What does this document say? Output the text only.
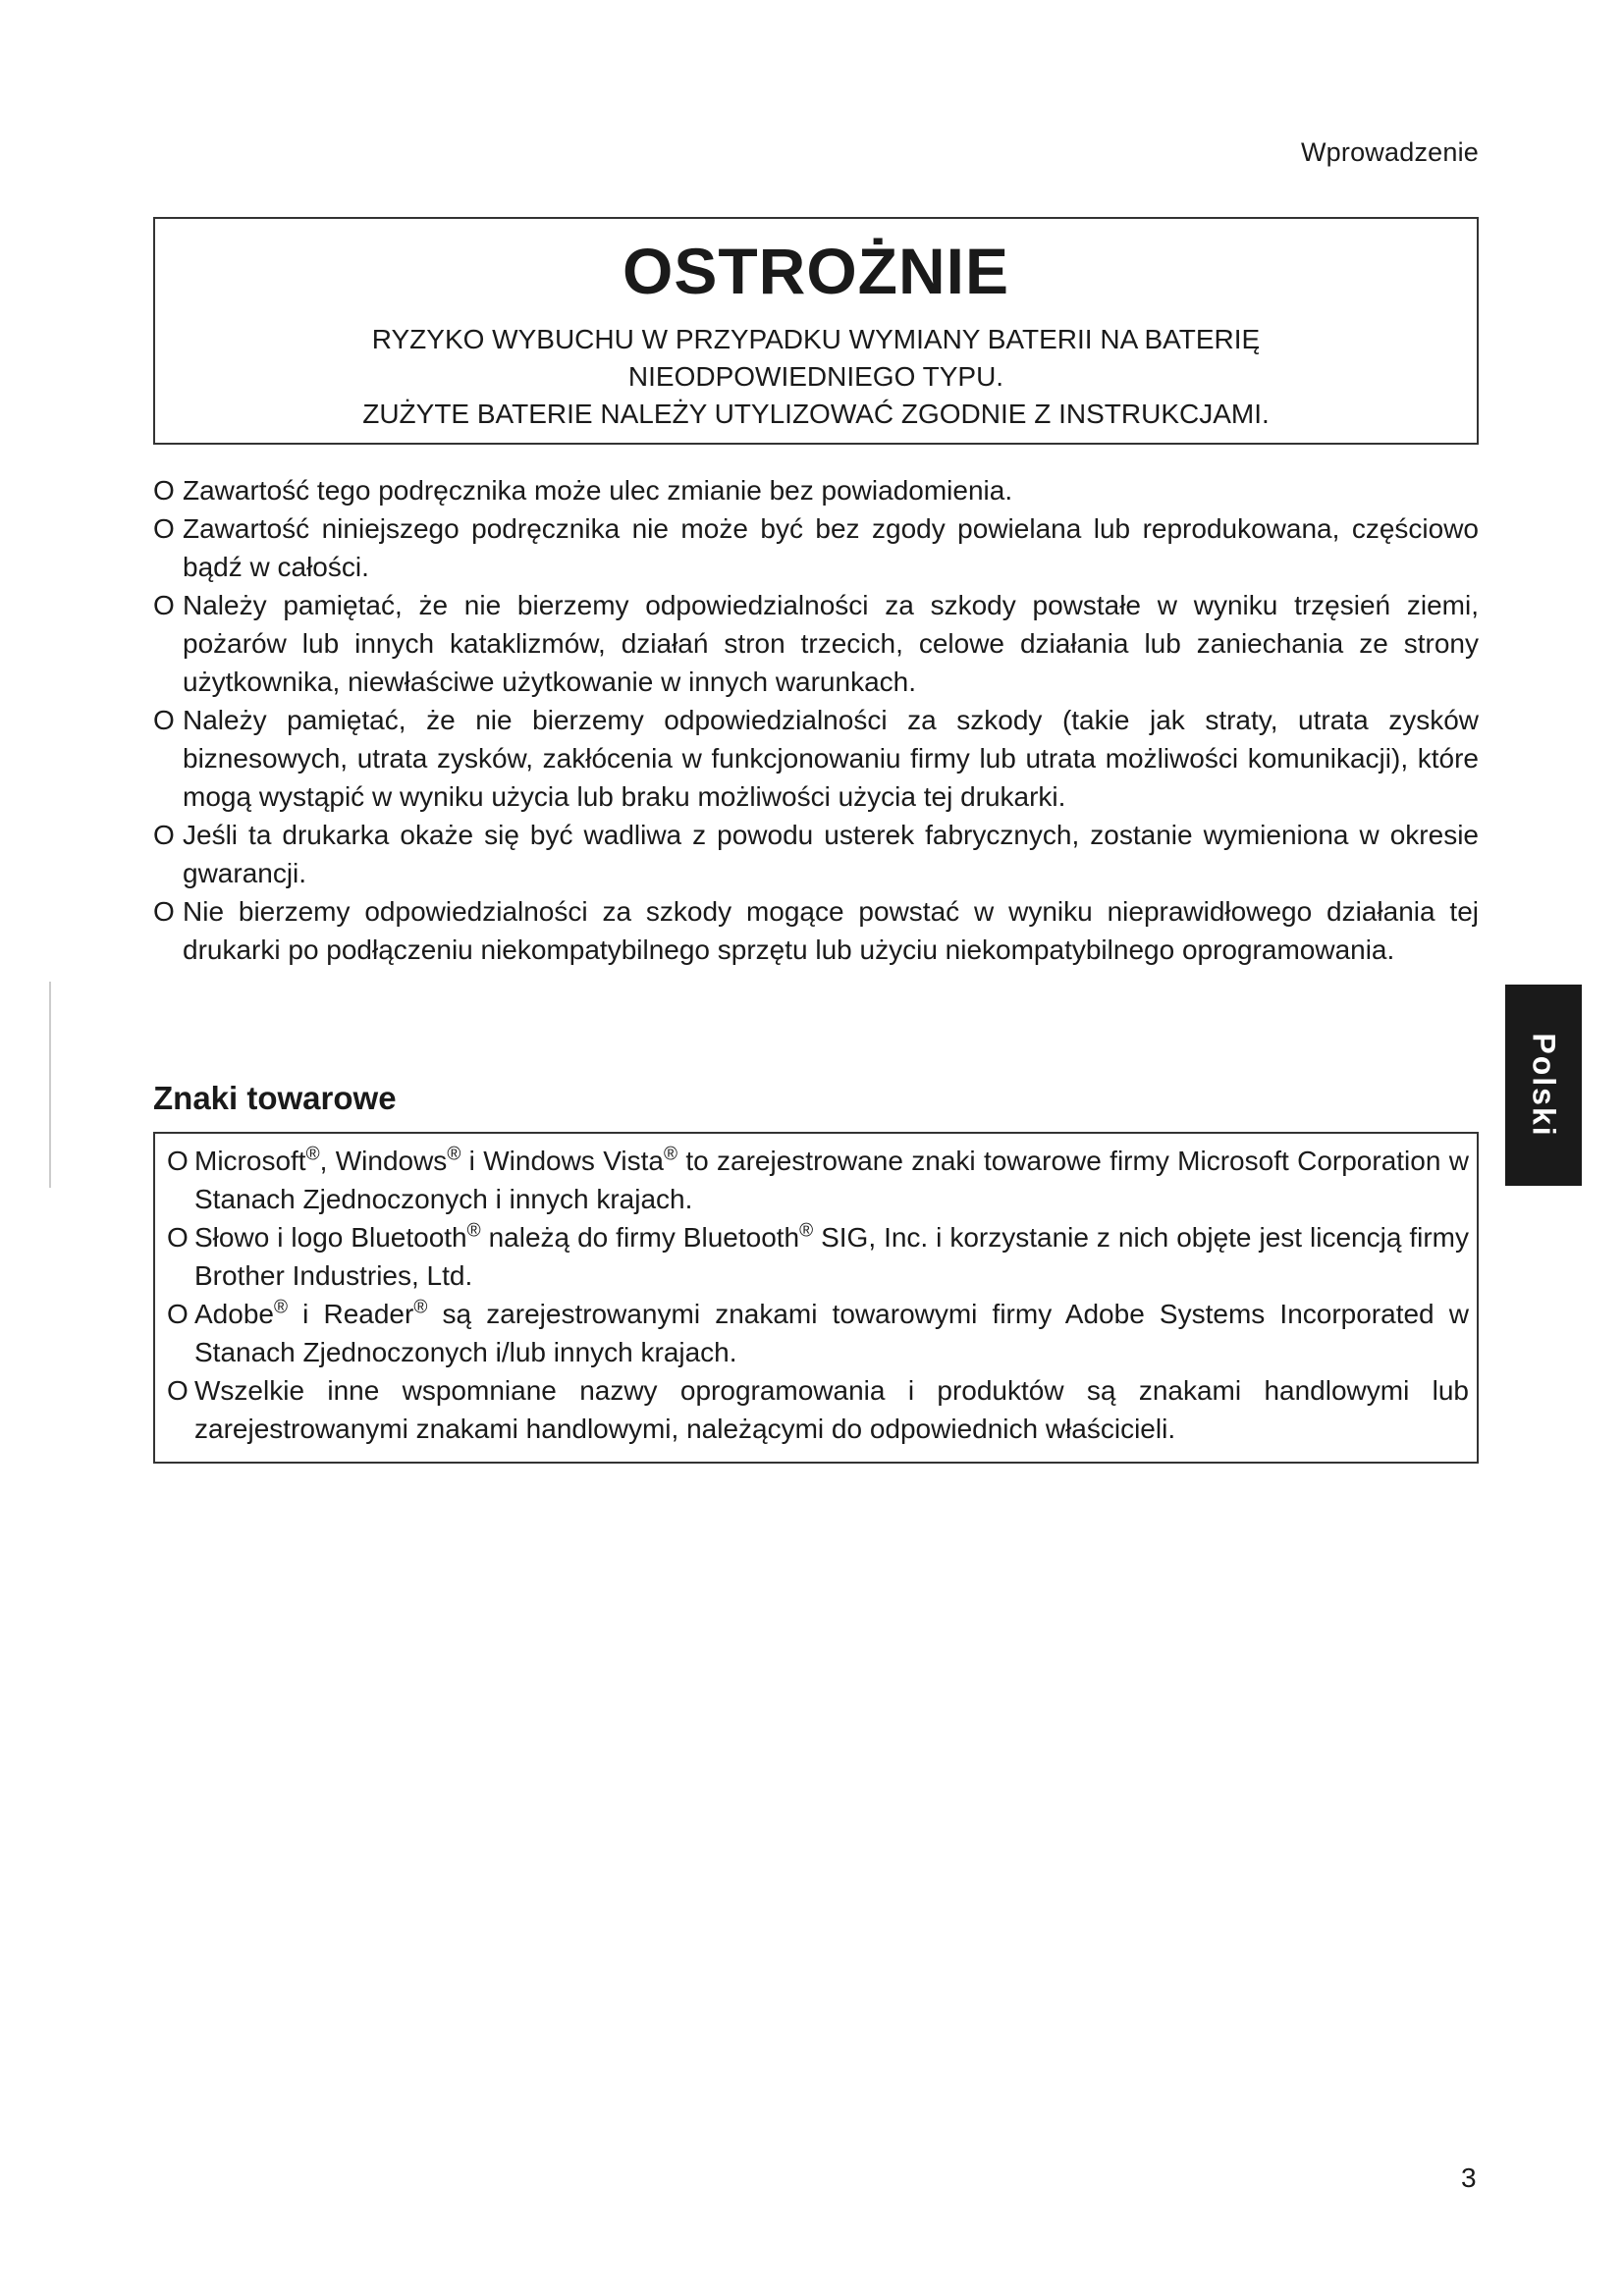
Wprowadzenie
OSTROŻNIE
RYZYKO WYBUCHU W PRZYPADKU WYMIANY BATERII NA BATERIĘ
NIEODPOWIEDNIEGO TYPU.
ZUŻYTE BATERIE NALEŻY UTYLIZOWAĆ ZGODNIE Z INSTRUKCJAMI.
O Zawartość tego podręcznika może ulec zmianie bez powiadomienia.
O Zawartość niniejszego podręcznika nie może być bez zgody powielana lub reprodukowana, częściowo bądź w całości.
O Należy pamiętać, że nie bierzemy odpowiedzialności za szkody powstałe w wyniku trzęsień ziemi, pożarów lub innych kataklizmów, działań stron trzecich, celowe działania lub zaniechania ze strony użytkownika, niewłaściwe użytkowanie w innych warunkach.
O Należy pamiętać, że nie bierzemy odpowiedzialności za szkody (takie jak straty, utrata zysków biznesowych, utrata zysków, zakłócenia w funkcjonowaniu firmy lub utrata możliwości komunikacji), które mogą wystąpić w wyniku użycia lub braku możliwości użycia tej drukarki.
O Jeśli ta drukarka okaże się być wadliwa z powodu usterek fabrycznych, zostanie wymieniona w okresie gwarancji.
O Nie bierzemy odpowiedzialności za szkody mogące powstać w wyniku nieprawidłowego działania tej drukarki po podłączeniu niekompatybilnego sprzętu lub użyciu niekompatybilnego oprogramowania.
Znaki towarowe
O Microsoft®, Windows® i Windows Vista® to zarejestrowane znaki towarowe firmy Microsoft Corporation w Stanach Zjednoczonych i innych krajach.
O Słowo i logo Bluetooth® należą do firmy Bluetooth® SIG, Inc. i korzystanie z nich objęte jest licencją firmy Brother Industries, Ltd.
O Adobe® i Reader® są zarejestrowanymi znakami towarowymi firmy Adobe Systems Incorporated w Stanach Zjednoczonych i/lub innych krajach.
O Wszelkie inne wspomniane nazwy oprogramowania i produktów są znakami handlowymi lub zarejestrowanymi znakami handlowymi, należącymi do odpowiednich właścicieli.
Polski
3
